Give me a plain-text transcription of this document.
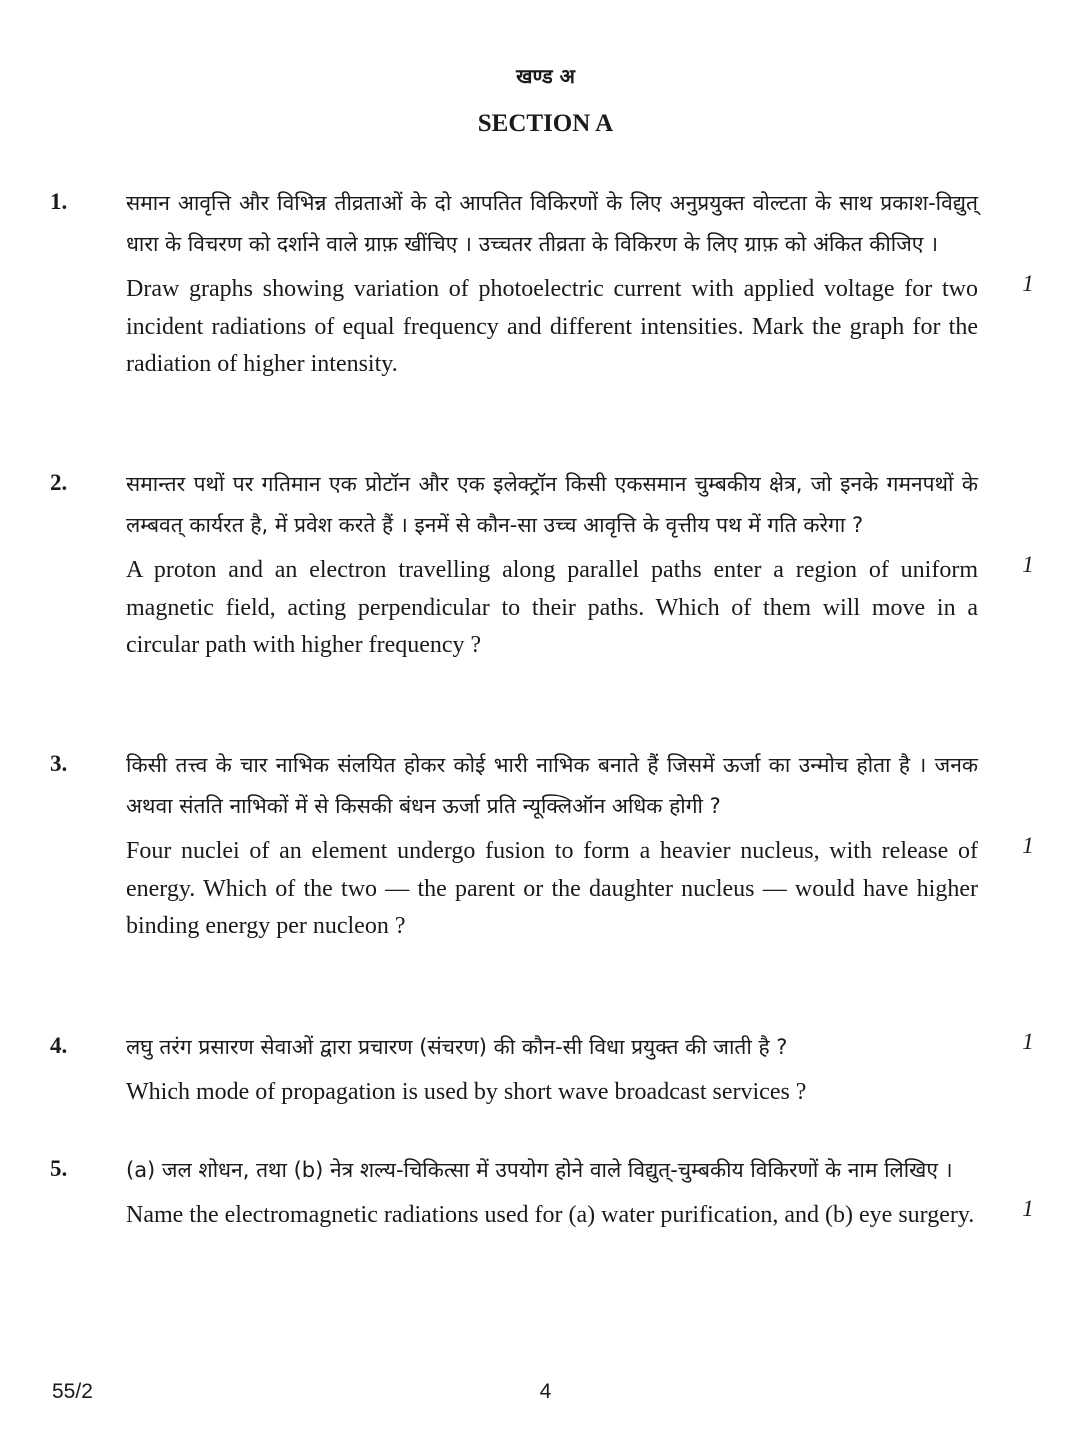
खण्ड अ
SECTION A
1.	समान आवृत्ति और विभिन्न तीव्रताओं के दो आपतित विकिरणों के लिए अनुप्रयुक्त वोल्टता के साथ प्रकाश-विद्युत् धारा के विचरण को दर्शाने वाले ग्राफ़ खींचिए । उच्चतर तीव्रता के विकिरण के लिए ग्राफ़ को अंकित कीजिए ।

Draw graphs showing variation of photoelectric current with applied voltage for two incident radiations of equal frequency and different intensities. Mark the graph for the radiation of higher intensity.

1
2.	समान्तर पथों पर गतिमान एक प्रोटॉन और एक इलेक्ट्रॉन किसी एकसमान चुम्बकीय क्षेत्र, जो इनके गमनपथों के लम्बवत् कार्यरत है, में प्रवेश करते हैं । इनमें से कौन-सा उच्च आवृत्ति के वृत्तीय पथ में गति करेगा ?

A proton and an electron travelling along parallel paths enter a region of uniform magnetic field, acting perpendicular to their paths. Which of them will move in a circular path with higher frequency ?

1
3.	किसी तत्त्व के चार नाभिक संलयित होकर कोई भारी नाभिक बनाते हैं जिसमें ऊर्जा का उन्मोच होता है । जनक अथवा संतति नाभिकों में से किसकी बंधन ऊर्जा प्रति न्यूक्लिऑन अधिक होगी ?

Four nuclei of an element undergo fusion to form a heavier nucleus, with release of energy. Which of the two — the parent or the daughter nucleus — would have higher binding energy per nucleon ?

1
4.	लघु तरंग प्रसारण सेवाओं द्वारा प्रचारण (संचरण) की कौन-सी विधा प्रयुक्त की जाती है ?

Which mode of propagation is used by short wave broadcast services ?

1
5.	(a) जल शोधन, तथा (b) नेत्र शल्य-चिकित्सा में उपयोग होने वाले विद्युत्-चुम्बकीय विकिरणों के नाम लिखिए ।

Name the electromagnetic radiations used for (a) water purification, and (b) eye surgery. 1
55/2	4
